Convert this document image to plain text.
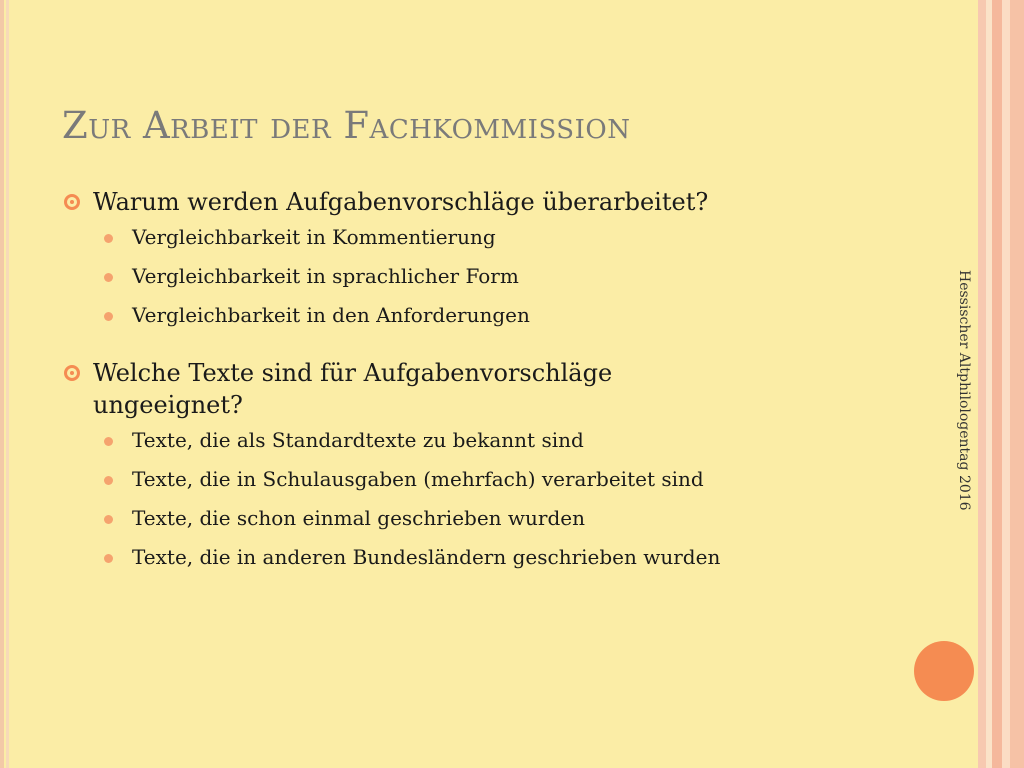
Zur Arbeit der Fachkommission
Warum werden Aufgabenvorschläge überarbeitet?
Vergleichbarkeit in Kommentierung
Vergleichbarkeit in sprachlicher Form
Vergleichbarkeit in den Anforderungen
Welche Texte sind für Aufgabenvorschläge
ungeeignet?
Texte, die als Standardtexte zu bekannt sind
Texte, die in Schulausgaben (mehrfach) verarbeitet sind
Texte, die schon einmal geschrieben wurden
Texte, die in anderen Bundesländern geschrieben wurden
Hessischer Altphilologentag 2016
